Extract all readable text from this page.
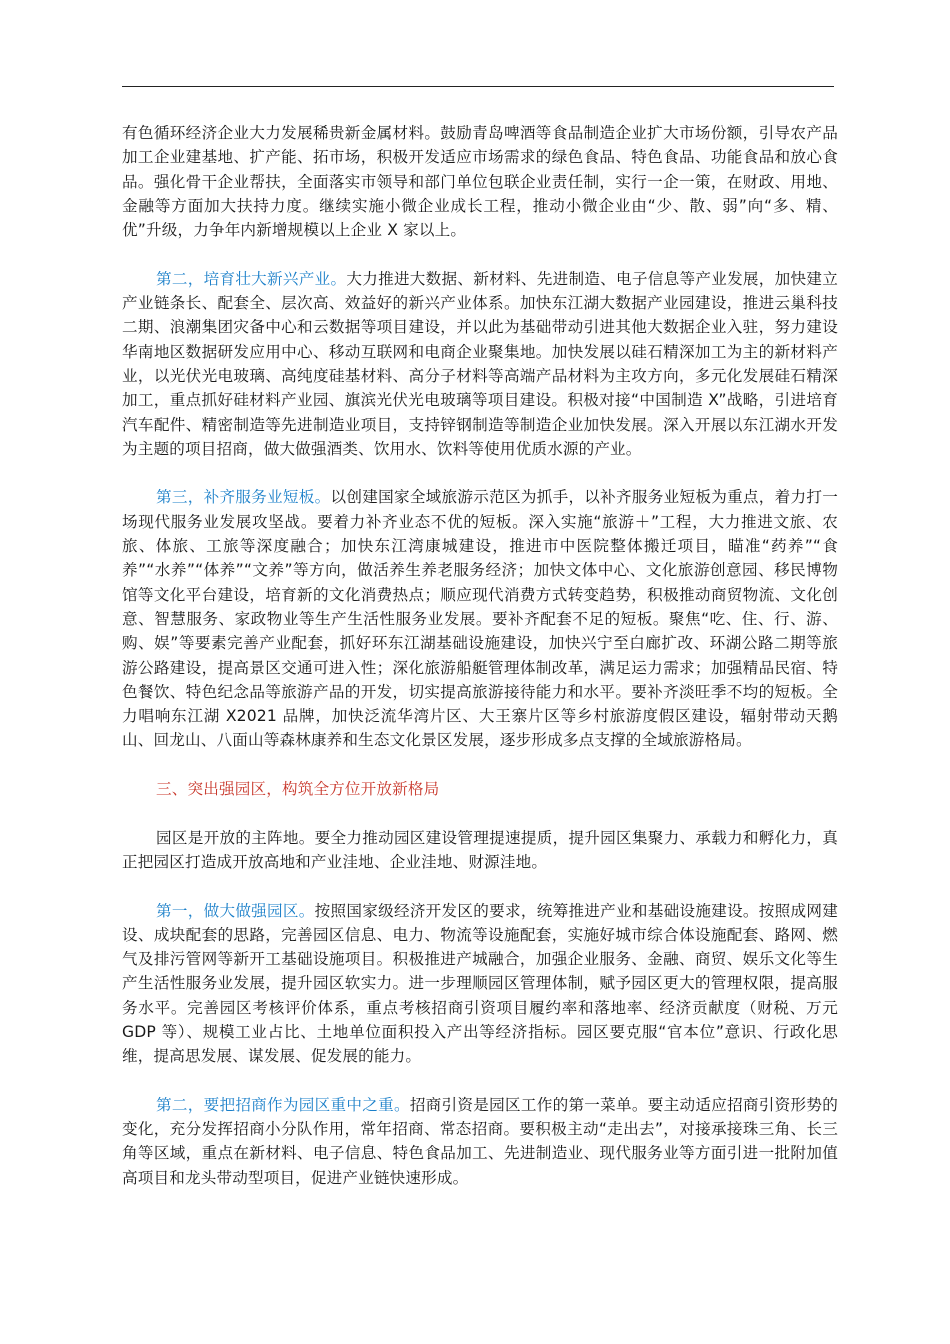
有色循环经济企业大力发展稀贵新金属材料。鼓励青岛啤酒等食品制造企业扩大市场份额，引导农产品加工企业建基地、扩产能、拓市场，积极开发适应市场需求的绿色食品、特色食品、功能食品和放心食品。强化骨干企业帮扶，全面落实市领导和部门单位包联企业责任制，实行一企一策，在财政、用地、金融等方面加大扶持力度。继续实施小微企业成长工程，推动小微企业由“少、散、弱”向“多、精、优”升级，力争年内新增规模以上企业 X 家以上。

第二，培育壮大新兴产业。大力推进大数据、新材料、先进制造、电子信息等产业发展，加快建立产业链条长、配套全、层次高、效益好的新兴产业体系。加快东江湖大数据产业园建设，推进云巢科技二期、浪潮集团灾备中心和云数据等项目建设，并以此为基础带动引进其他大数据企业入驻，努力建设华南地区数据研发应用中心、移动互联网和电商企业聚集地。加快发展以硅石精深加工为主的新材料产业，以光伏光电玻璃、高纯度硅基材料、高分子材料等高端产品材料为主攻方向，多元化发展硅石精深加工，重点抓好硅材料产业园、旗滨光伏光电玻璃等项目建设。积极对接“中国制造 X”战略，引进培育汽车配件、精密制造等先进制造业项目，支持锌钢制造等制造企业加快发展。深入开展以东江湖水开发为主题的项目招商，做大做强酒类、饮用水、饮料等使用优质水源的产业。

第三，补齐服务业短板。以创建国家全域旅游示范区为抓手，以补齐服务业短板为重点，着力打一场现代服务业发展攻坚战。要着力补齐业态不优的短板。深入实施“旅游＋”工程，大力推进文旅、农旅、体旅、工旅等深度融合；加快东江湾康城建设，推进市中医院整体搬迁项目，瞄准“药养”“食养”“水养”“体养”“文养”等方向，做活养生养老服务经济；加快文体中心、文化旅游创意园、移民博物馆等文化平台建设，培育新的文化消费热点；顺应现代消费方式转变趋势，积极推动商贸物流、文化创意、智慧服务、家政物业等生产生活性服务业发展。要补齐配套不足的短板。聚焦“吃、住、行、游、购、娱”等要素完善产业配套，抓好环东江湖基础设施建设，加快兴宁至白廊扩改、环湖公路二期等旅游公路建设，提高景区交通可进入性；深化旅游船艇管理体制改革，满足运力需求；加强精品民宿、特色餐饮、特色纪念品等旅游产品的开发，切实提高旅游接待能力和水平。要补齐淡旺季不均的短板。全力唱响东江湖 X2021 品牌，加快泛流华湾片区、大王寨片区等乡村旅游度假区建设，辐射带动天鹅山、回龙山、八面山等森林康养和生态文化景区发展，逐步形成多点支撑的全域旅游格局。

三、突出强园区，构筑全方位开放新格局

园区是开放的主阵地。要全力推动园区建设管理提速提质，提升园区集聚力、承载力和孵化力，真正把园区打造成开放高地和产业洼地、企业洼地、财源洼地。

第一，做大做强园区。按照国家级经济开发区的要求，统筹推进产业和基础设施建设。按照成网建设、成块配套的思路，完善园区信息、电力、物流等设施配套，实施好城市综合体设施配套、路网、燃气及排污管网等新开工基础设施项目。积极推进产城融合，加强企业服务、金融、商贸、娱乐文化等生产生活性服务业发展，提升园区软实力。进一步理顺园区管理体制，赋予园区更大的管理权限，提高服务水平。完善园区考核评价体系，重点考核招商引资项目履约率和落地率、经济贡献度（财税、万元 GDP 等）、规模工业占比、土地单位面积投入产出等经济指标。园区要克服“官本位”意识、行政化思维，提高思发展、谋发展、促发展的能力。

第二，要把招商作为园区重中之重。招商引资是园区工作的第一菜单。要主动适应招商引资形势的变化，充分发挥招商小分队作用，常年招商、常态招商。要积极主动“走出去”，对接承接珠三角、长三角等区域，重点在新材料、电子信息、特色食品加工、先进制造业、现代服务业等方面引进一批附加值高项目和龙头带动型项目，促进产业链快速形成。
